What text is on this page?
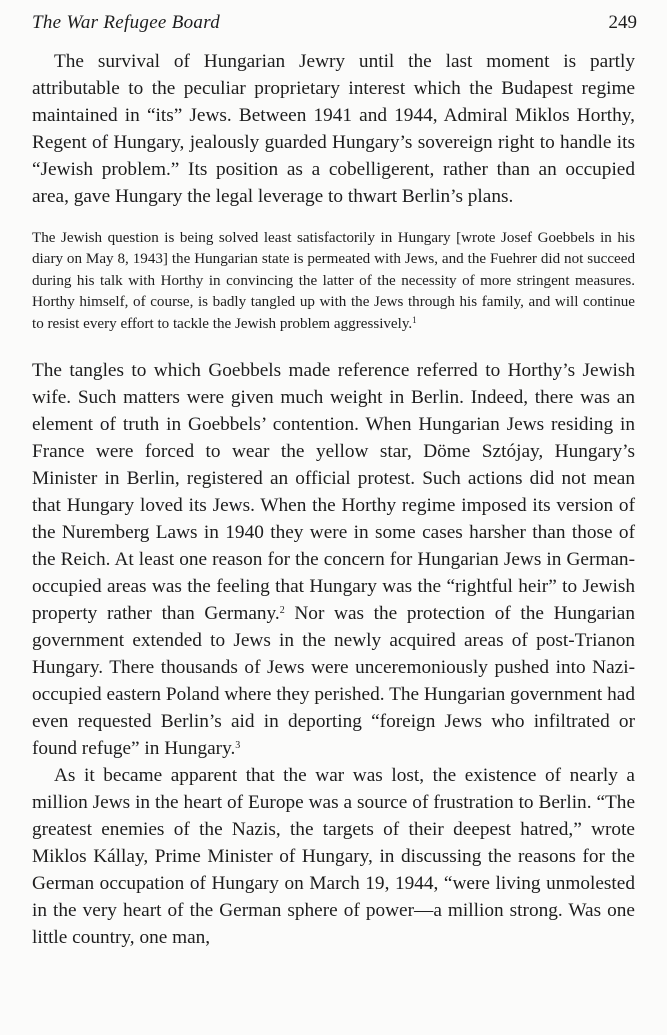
The War Refugee Board	249

The survival of Hungarian Jewry until the last moment is partly attributable to the peculiar proprietary interest which the Budapest regime maintained in “its” Jews. Between 1941 and 1944, Admiral Miklos Horthy, Regent of Hungary, jealously guarded Hungary’s sovereign right to handle its “Jewish problem.” Its position as a cobelligerent, rather than an occupied area, gave Hungary the legal leverage to thwart Berlin’s plans.

The Jewish question is being solved least satisfactorily in Hungary [wrote Josef Goebbels in his diary on May 8, 1943] the Hungarian state is permeated with Jews, and the Fuehrer did not succeed during his talk with Horthy in convincing the latter of the necessity of more stringent measures. Horthy himself, of course, is badly tangled up with the Jews through his family, and will continue to resist every effort to tackle the Jewish problem aggressively.$^1$

The tangles to which Goebbels made reference referred to Horthy’s Jewish wife. Such matters were given much weight in Berlin. Indeed, there was an element of truth in Goebbels’ contention. When Hungarian Jews residing in France were forced to wear the yellow star, Döme Sztójay, Hungary’s Minister in Berlin, registered an official protest. Such actions did not mean that Hungary loved its Jews. When the Horthy regime imposed its version of the Nuremberg Laws in 1940 they were in some cases harsher than those of the Reich. At least one reason for the concern for Hungarian Jews in German-occupied areas was the feeling that Hungary was the “rightful heir” to Jewish property rather than Germany.$^2$ Nor was the protection of the Hungarian government extended to Jews in the newly acquired areas of post-Trianon Hungary. There thousands of Jews were unceremoniously pushed into Nazi-occupied eastern Poland where they perished. The Hungarian government had even requested Berlin’s aid in deporting “foreign Jews who infiltrated or found refuge” in Hungary.$^3$

As it became apparent that the war was lost, the existence of nearly a million Jews in the heart of Europe was a source of frustration to Berlin. “The greatest enemies of the Nazis, the targets of their deepest hatred,” wrote Miklos Kállay, Prime Minister of Hungary, in discussing the reasons for the German occupation of Hungary on March 19, 1944, “were living unmolested in the very heart of the German sphere of power—a million strong. Was one little country, one man,
